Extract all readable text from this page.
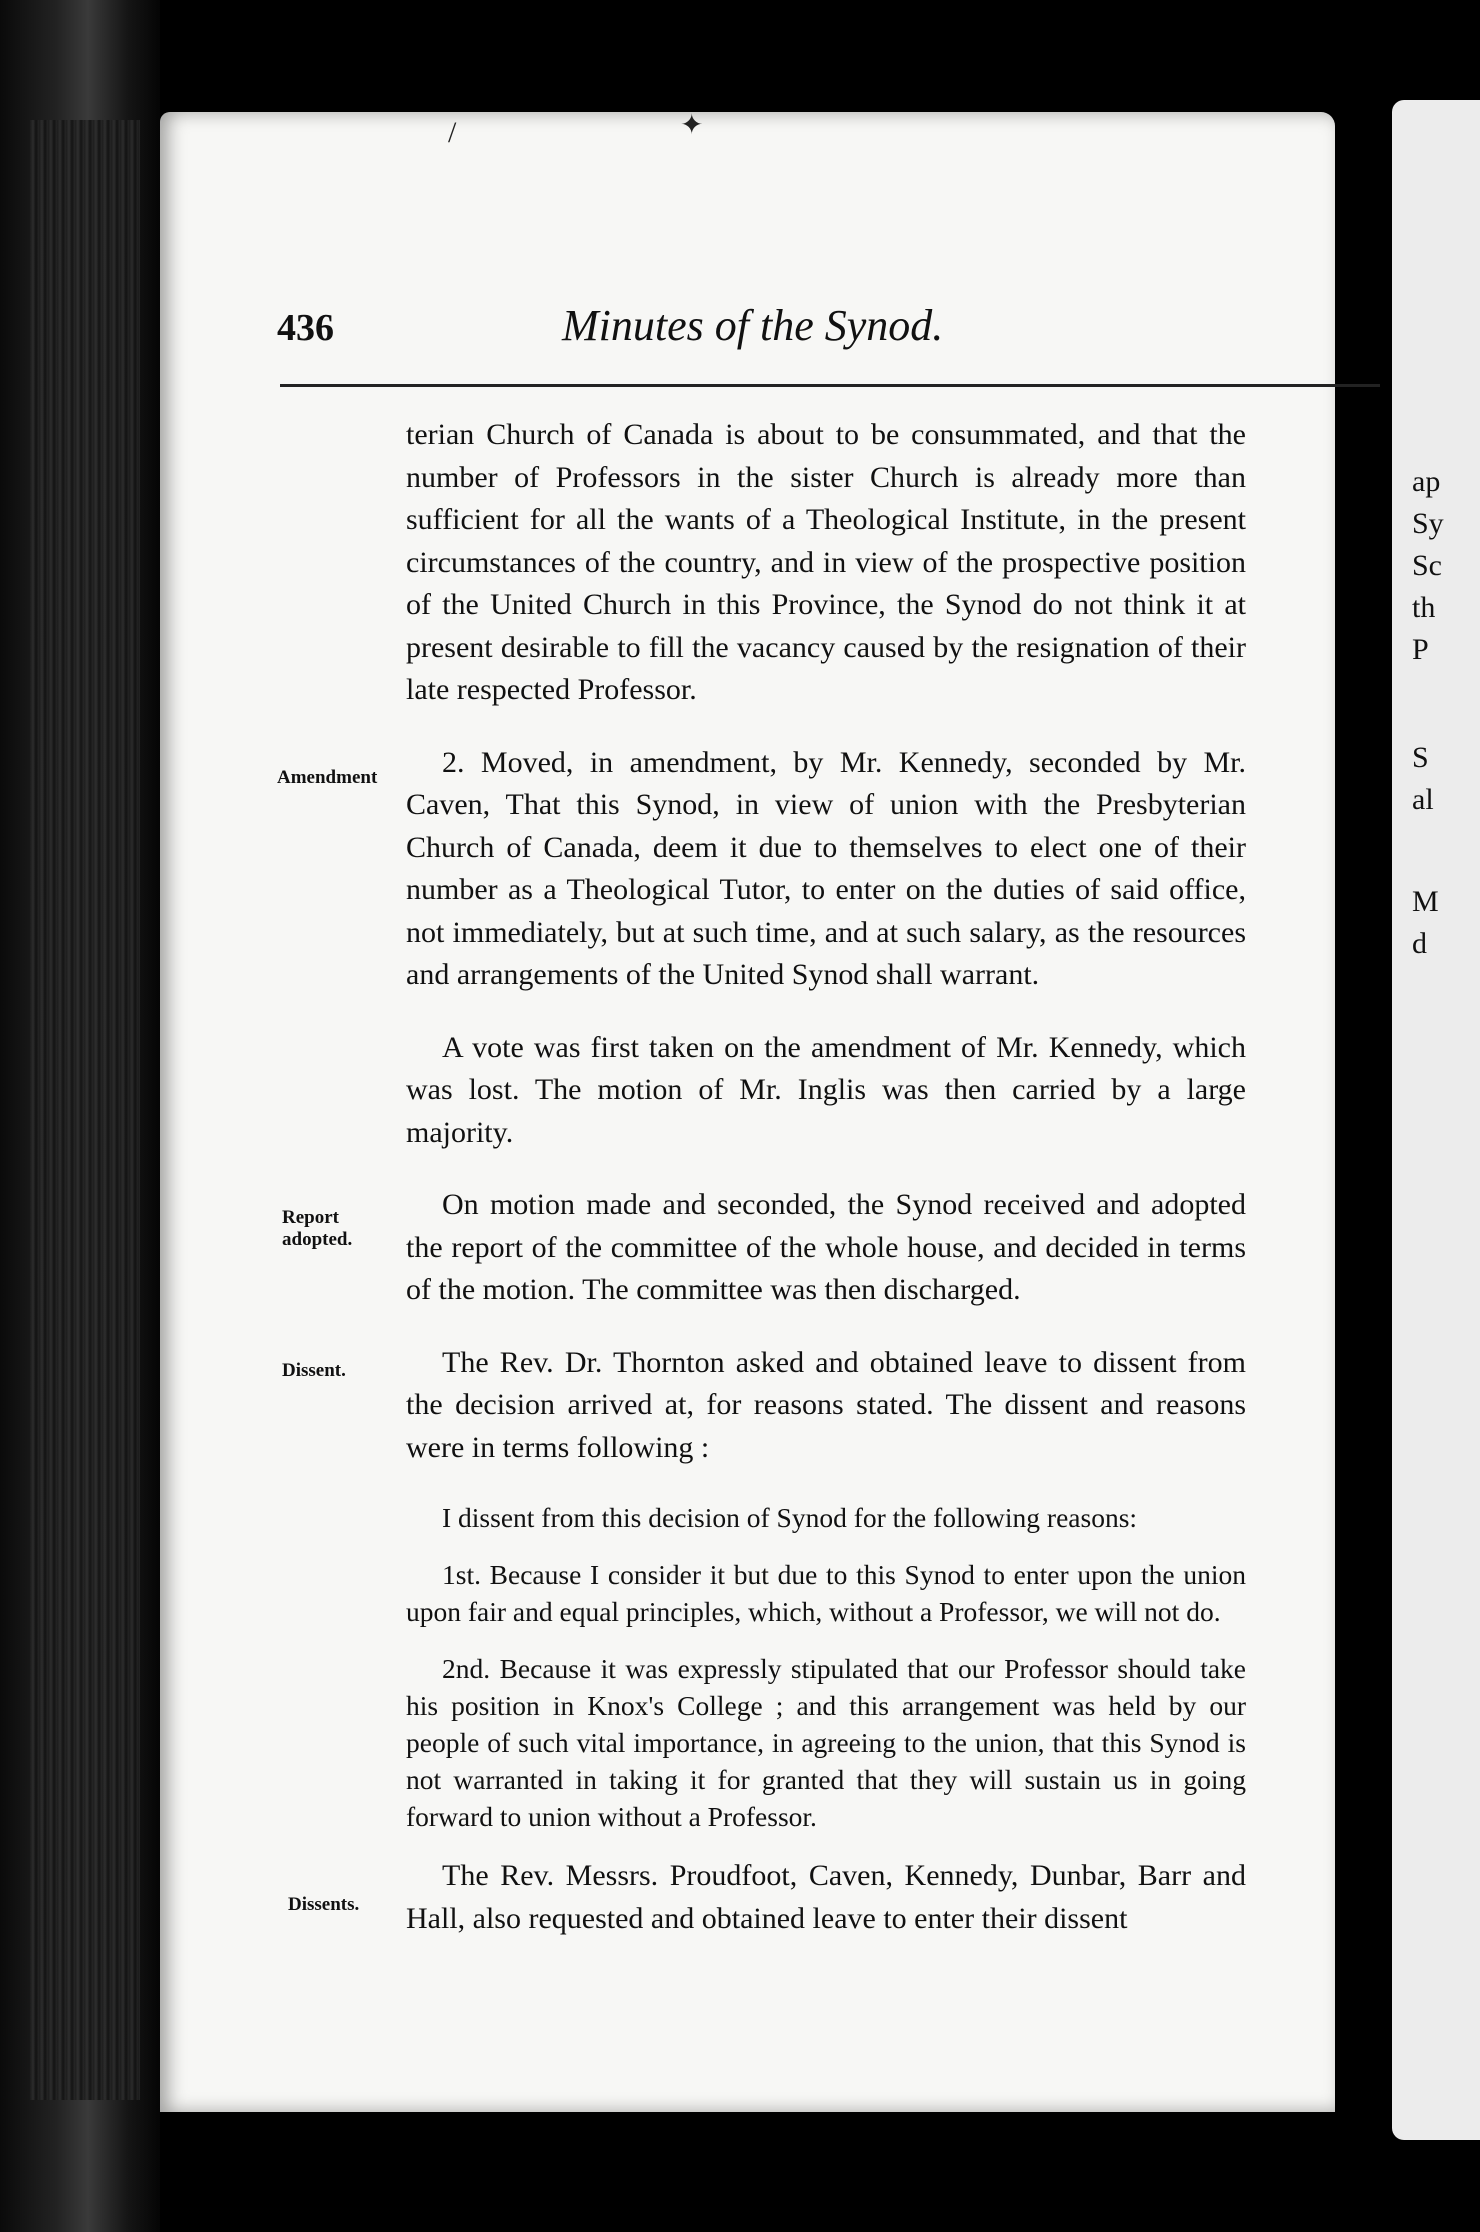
ap
Sy
Sc
th
P
S
al
M
d
436	Minutes of the Synod.
Amendment
Report adopted.
Dissent.
Dissents.
/	✦

terian Church of Canada is about to be consummated, and that the number of Professors in the sister Church is already more than sufficient for all the wants of a Theological Institute, in the present circumstances of the country, and in view of the prospective position of the United Church in this Province, the Synod do not think it at present desirable to fill the vacancy caused by the resignation of their late respected Professor.

2. Moved, in amendment, by Mr. Kennedy, seconded by Mr. Caven, That this Synod, in view of union with the Presbyterian Church of Canada, deem it due to themselves to elect one of their number as a Theological Tutor, to enter on the duties of said office, not immediately, but at such time, and at such salary, as the resources and arrangements of the United Synod shall warrant.

A vote was first taken on the amendment of Mr. Kennedy, which was lost. The motion of Mr. Inglis was then carried by a large majority.

On motion made and seconded, the Synod received and adopted the report of the committee of the whole house, and decided in terms of the motion. The committee was then discharged.

The Rev. Dr. Thornton asked and obtained leave to dissent from the decision arrived at, for reasons stated. The dissent and reasons were in terms following :

I dissent from this decision of Synod for the following reasons:

1st. Because I consider it but due to this Synod to enter upon the union upon fair and equal principles, which, without a Professor, we will not do.

2nd. Because it was expressly stipulated that our Professor should take his position in Knox's College ; and this arrangement was held by our people of such vital importance, in agreeing to the union, that this Synod is not warranted in taking it for granted that they will sustain us in going forward to union without a Professor.

The Rev. Messrs. Proudfoot, Caven, Kennedy, Dunbar, Barr and Hall, also requested and obtained leave to enter their dissent
